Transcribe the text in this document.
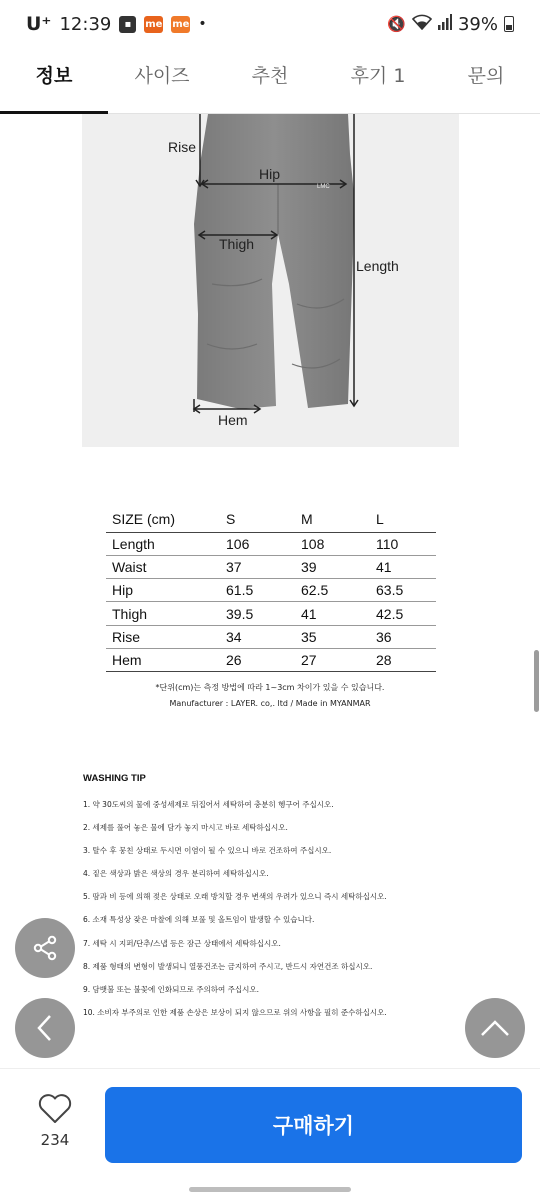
U⁺ 12:39	▪	me me •	🔇	39%
정보	사이즈	추천	후기 1	문의
Rise
Hip
Thigh
Length
Hem
LMC
SIZE (cm)	S	M	L
Length	106	108	110
Waist	37	39	41
Hip	61.5	62.5	63.5
Thigh	39.5	41	42.5
Rise	34	35	36
Hem	26	27	28
*단위(cm)는 측정 방법에 따라 1~3cm 차이가 있을 수 있습니다.
Manufacturer : LAYER. co,. ltd / Made in MYANMAR
WASHING TIP
1. 약 30도씨의 물에 중성세제로 뒤집어서 세탁하여 충분히 헹구어 주십시오.
2. 세제를 풀어 놓은 물에 담가 놓지 마시고 바로 세탁하십시오.
3. 탈수 후 뭉친 상태로 두시면 이염이 될 수 있으니 바로 건조하여 주십시오.
4. 짙은 색상과 밝은 색상의 경우 분리하여 세탁하십시오.
5. 땀과 비 등에 의해 젖은 상태로 오래 방치할 경우 변색의 우려가 있으니 즉시 세탁하십시오.
6. 소재 특성상 잦은 마찰에 의해 보풀 및 올트임이 발생할 수 있습니다.
7. 세탁 시 지퍼/단추/스냅 등은 잠근 상태에서 세탁하십시오.
8. 제품 형태의 변형이 발생되니 열풍건조는 금지하여 주시고, 반드시 자연건조 하십시오.
9. 담뱃불 또는 불꽃에 인화되므로 주의하여 주십시오.
10. 소비자 부주의로 인한 제품 손상은 보상이 되지 않으므로 위의 사항을 필히 준수하십시오.
234
구매하기
